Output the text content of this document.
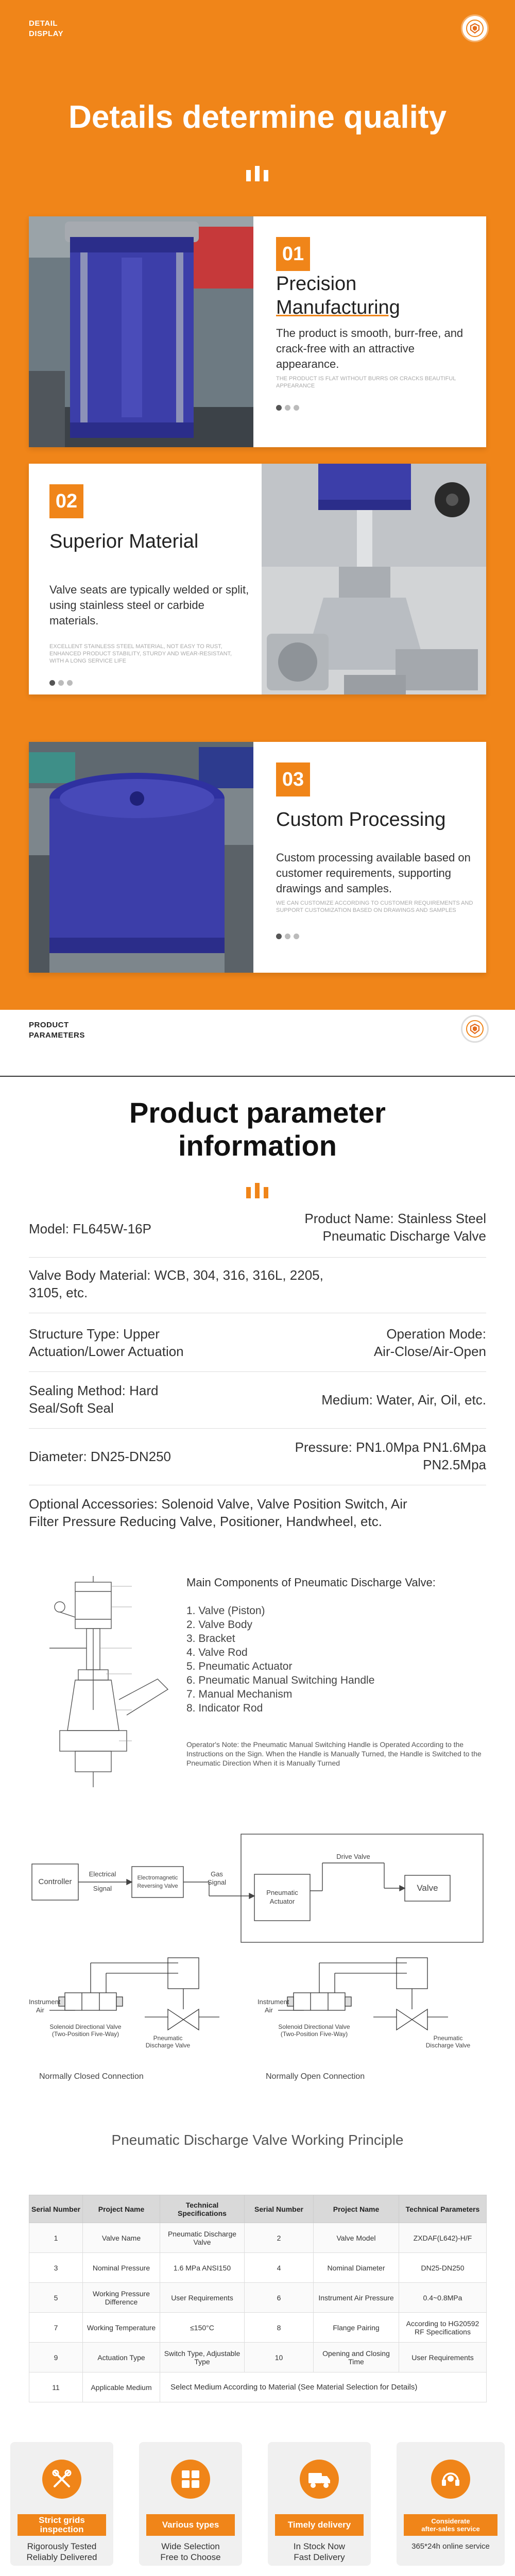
DETAIL
DISPLAY
Details determine quality
01
Precision
Manufacturing
The product is smooth, burr-free, and crack-free with an attractive appearance.
THE PRODUCT IS FLAT WITHOUT BURRS OR CRACKS BEAUTIFUL APPEARANCE
02
Superior Material
Valve seats are typically welded or split, using stainless steel or carbide materials.
EXCELLENT STAINLESS STEEL MATERIAL, NOT EASY TO RUST, ENHANCED PRODUCT STABILITY, STURDY AND WEAR-RESISTANT, WITH A LONG SERVICE LIFE
03
Custom Processing
Custom processing available based on customer requirements, supporting drawings and samples.
WE CAN CUSTOMIZE ACCORDING TO CUSTOMER REQUIREMENTS AND SUPPORT CUSTOMIZATION BASED ON DRAWINGS AND SAMPLES
PRODUCT
PARAMETERS
Product parameter
information
Model: FL645W-16P
Product Name: Stainless Steel
Pneumatic Discharge Valve
Valve Body Material: WCB, 304, 316, 316L, 2205,
3105, etc.
Structure Type: Upper
Actuation/Lower Actuation
Operation Mode:
Air-Close/Air-Open
Sealing Method: Hard
Seal/Soft Seal
Medium: Water, Air, Oil, etc.
Diameter: DN25-DN250
Pressure: PN1.0Mpa PN1.6Mpa
PN2.5Mpa
Optional Accessories: Solenoid Valve, Valve Position Switch, Air
Filter Pressure Reducing Valve, Positioner, Handwheel, etc.
Main Components of Pneumatic Discharge Valve:
1. Valve (Piston)
2. Valve Body
3. Bracket
4. Valve Rod
5. Pneumatic Actuator
6. Pneumatic Manual Switching Handle
7. Manual Mechanism
8. Indicator Rod
Operator's Note: the Pneumatic Manual Switching Handle is Operated According to the Instructions on the Sign. When the Handle is Manually Turned, the Handle is Switched to the Pneumatic Direction When it is Manually Turned
Controller
Electrical
Signal
Electromagnetic
Reversing Valve
Gas
Signal
Pneumatic
Actuator
Drive Valve
Valve
Instrument
Air
Solenoid Directional Valve
(Two-Position Five-Way)
Pneumatic
Discharge Valve
Instrument
Air
Solenoid Directional Valve
(Two-Position Five-Way)
Pneumatic
Discharge Valve
Normally Closed Connection	Normally Open Connection
Pneumatic Discharge Valve Working Principle
Serial Number	Project Name	Technical Specifications	Serial Number	Project Name	Technical Parameters
1	Valve Name	Pneumatic Discharge Valve	2	Valve Model	ZXDAF(L642)-H/F
3	Nominal Pressure	1.6 MPa ANSI150	4	Nominal Diameter	DN25-DN250
5	Working Pressure Difference	User Requirements	6	Instrument Air Pressure	0.4~0.8MPa
7	Working Temperature	≤150°C	8	Flange Pairing	According to HG20592 RF Specifications
9	Actuation Type	Switch Type, Adjustable Type	10	Opening and Closing Time	User Requirements
11	Applicable Medium	Select Medium According to Material (See Material Selection for Details)			
Strict grids inspection
Rigorously Tested
Reliably Delivered
Various types
Wide Selection
Free to Choose
Timely delivery
In Stock Now
Fast Delivery
Considerate
after-sales service
365*24h online service
